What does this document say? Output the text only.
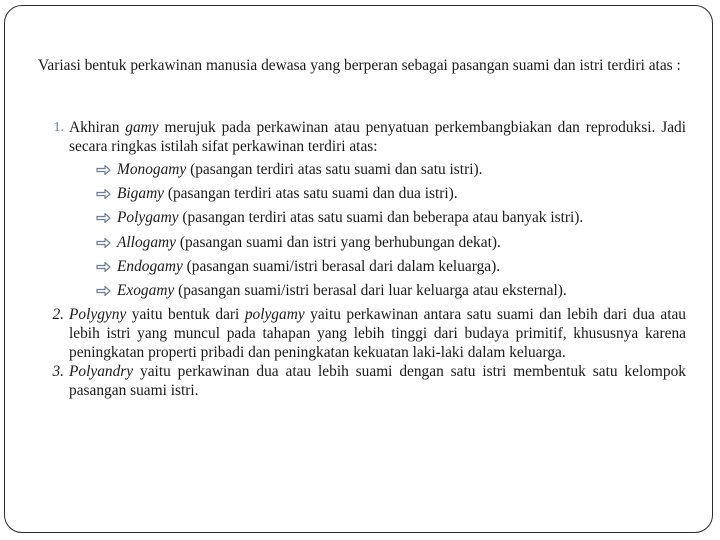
Variasi bentuk perkawinan manusia dewasa yang berperan sebagai pasangan suami dan istri terdiri atas :
1. Akhiran gamy merujuk pada perkawinan atau penyatuan perkembangbiakan dan reproduksi. Jadi secara ringkas istilah sifat perkawinan terdiri atas:
Monogamy (pasangan terdiri atas satu suami dan satu istri).
Bigamy (pasangan terdiri atas satu suami dan dua istri).
Polygamy (pasangan terdiri atas satu suami dan beberapa atau banyak istri).
Allogamy (pasangan suami dan istri yang berhubungan dekat).
Endogamy (pasangan suami/istri berasal dari dalam keluarga).
Exogamy (pasangan suami/istri berasal dari luar keluarga atau eksternal).
2. Polygyny yaitu bentuk dari polygamy yaitu perkawinan antara satu suami dan lebih dari dua atau lebih istri yang muncul pada tahapan yang lebih tinggi dari budaya primitif, khususnya karena peningkatan properti pribadi dan peningkatan kekuatan laki-laki dalam keluarga.
3. Polyandry yaitu perkawinan dua atau lebih suami dengan satu istri membentuk satu kelompok pasangan suami istri.
